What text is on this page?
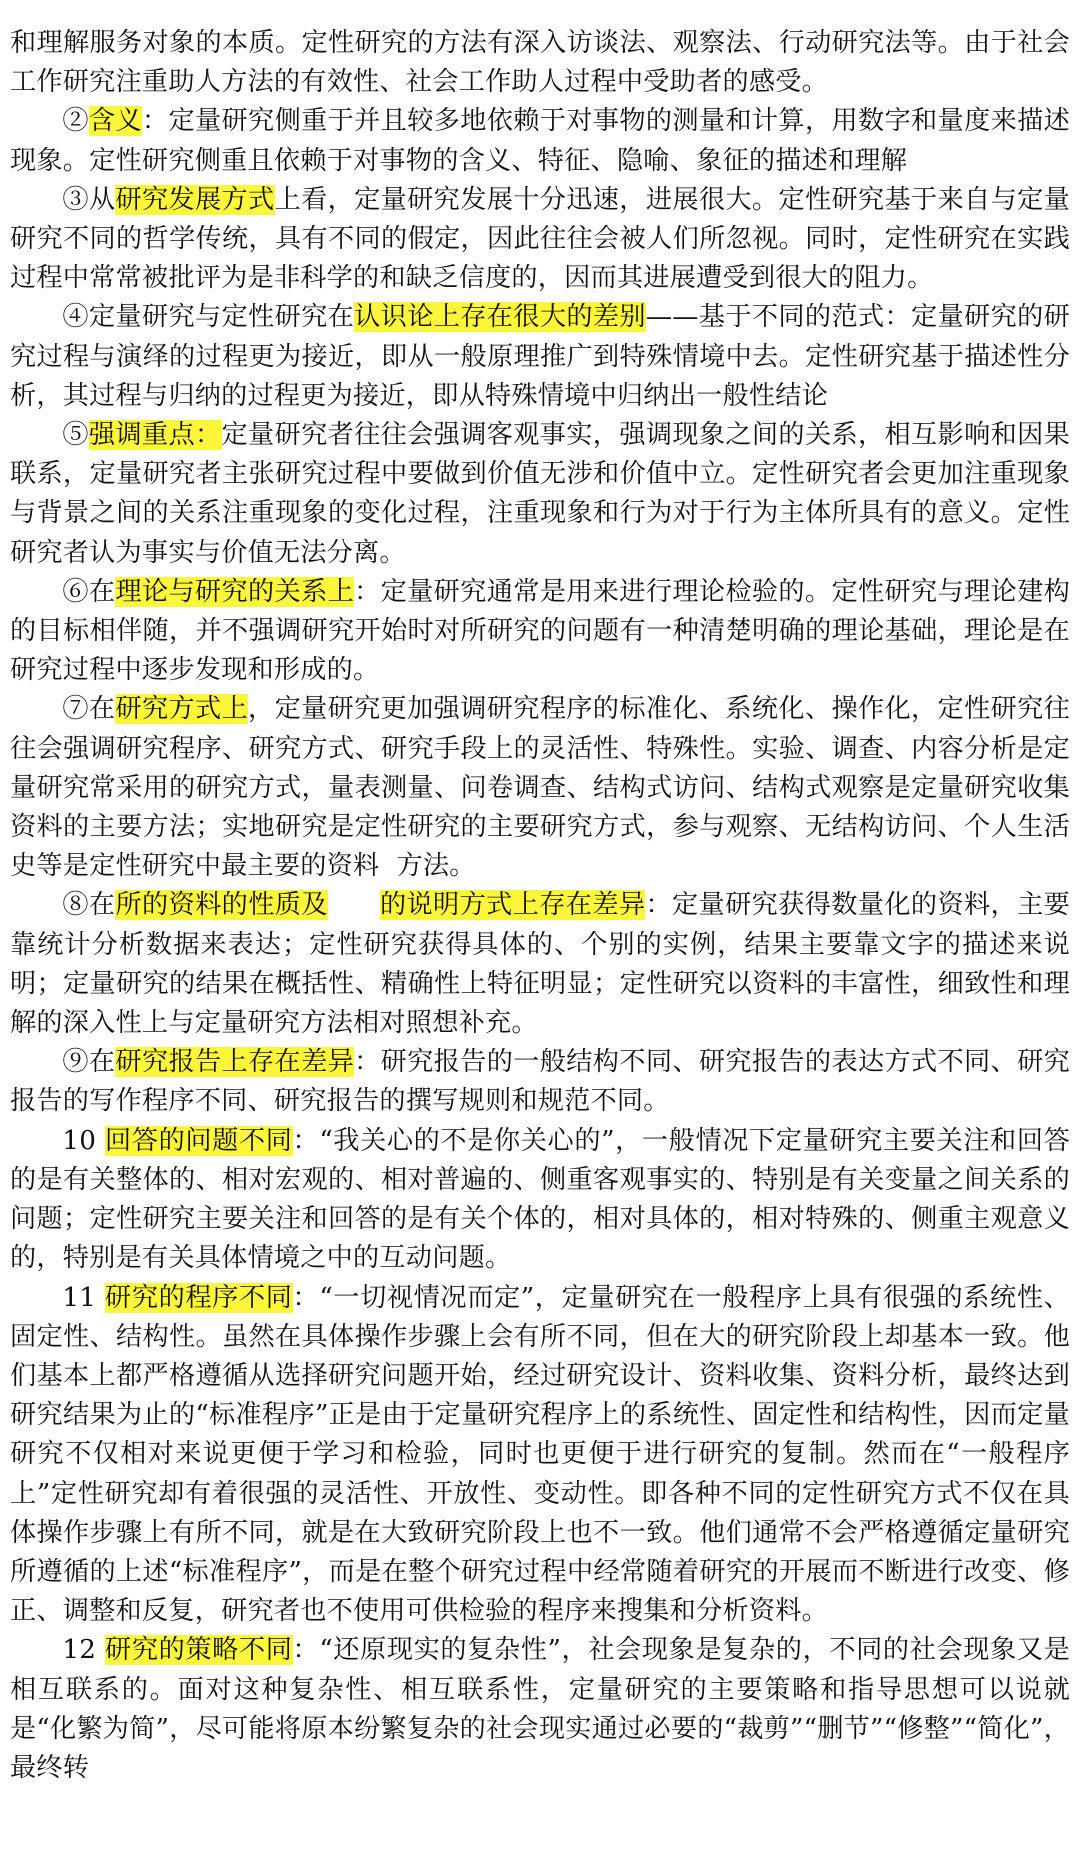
和理解服务对象的本质。定性研究的方法有深入访谈法、观察法、行动研究法等。由于社会工作研究注重助人方法的有效性、社会工作助人过程中受助者的感受。

②含义：定量研究侧重于并且较多地依赖于对事物的测量和计算，用数字和量度来描述现象。定性研究侧重且依赖于对事物的含义、特征、隐喻、象征的描述和理解

③从研究发展方式上看，定量研究发展十分迅速，进展很大。定性研究基于来自与定量研究不同的哲学传统，具有不同的假定，因此往往会被人们所忽视。同时，定性研究在实践过程中常常被批评为是非科学的和缺乏信度的，因而其进展遭受到很大的阻力。

④定量研究与定性研究在认识论上存在很大的差别——基于不同的范式：定量研究的研究过程与演绎的过程更为接近，即从一般原理推广到特殊情境中去。定性研究基于描述性分析，其过程与归纳的过程更为接近，即从特殊情境中归纳出一般性结论

⑤强调重点：定量研究者往往会强调客观事实，强调现象之间的关系，相互影响和因果联系，定量研究者主张研究过程中要做到价值无涉和价值中立。定性研究者会更加注重现象与背景之间的关系注重现象的变化过程，注重现象和行为对于行为主体所具有的意义。定性研究者认为事实与价值无法分离。

⑥在理论与研究的关系上：定量研究通常是用来进行理论检验的。定性研究与理论建构的目标相伴随，并不强调研究开始时对所研究的问题有一种清楚明确的理论基础，理论是在研究过程中逐步发现和形成的。

⑦在研究方式上，定量研究更加强调研究程序的标准化、系统化、操作化，定性研究往往会强调研究程序、研究方式、研究手段上的灵活性、特殊性。实验、调查、内容分析是定量研究常采用的研究方式，量表测量、问卷调查、结构式访问、结构式观察是定量研究收集资料的主要方法；实地研究是定性研究的主要研究方式，参与观察、无结构访问、个人生活史等是定性研究中最主要的资料 方法。

⑧在所的资料的性质及 的说明方式上存在差异：定量研究获得数量化的资料，主要靠统计分析数据来表达；定性研究获得具体的、个别的实例，结果主要靠文字的描述来说明；定量研究的结果在概括性、精确性上特征明显；定性研究以资料的丰富性，细致性和理解的深入性上与定量研究方法相对照想补充。

⑨在研究报告上存在差异：研究报告的一般结构不同、研究报告的表达方式不同、研究报告的写作程序不同、研究报告的撰写规则和规范不同。

10 回答的问题不同：“我关心的不是你关心的”，一般情况下定量研究主要关注和回答的是有关整体的、相对宏观的、相对普遍的、侧重客观事实的、特别是有关变量之间关系的问题；定性研究主要关注和回答的是有关个体的，相对具体的，相对特殊的、侧重主观意义的，特别是有关具体情境之中的互动问题。

11 研究的程序不同：“一切视情况而定”，定量研究在一般程序上具有很强的系统性、固定性、结构性。虽然在具体操作步骤上会有所不同，但在大的研究阶段上却基本一致。他们基本上都严格遵循从选择研究问题开始，经过研究设计、资料收集、资料分析，最终达到研究结果为止的“标准程序”正是由于定量研究程序上的系统性、固定性和结构性，因而定量研究不仅相对来说更便于学习和检验，同时也更便于进行研究的复制。然而在“一般程序上”定性研究却有着很强的灵活性、开放性、变动性。即各种不同的定性研究方式不仅在具体操作步骤上有所不同，就是在大致研究阶段上也不一致。他们通常不会严格遵循定量研究所遵循的上述“标准程序”，而是在整个研究过程中经常随着研究的开展而不断进行改变、修正、调整和反复，研究者也不使用可供检验的程序来搜集和分析资料。

12 研究的策略不同：“还原现实的复杂性”，社会现象是复杂的，不同的社会现象又是相互联系的。面对这种复杂性、相互联系性，定量研究的主要策略和指导思想可以说就是“化繁为简”，尽可能将原本纷繁复杂的社会现实通过必要的“裁剪”“删节”“修整”“简化”，最终转
